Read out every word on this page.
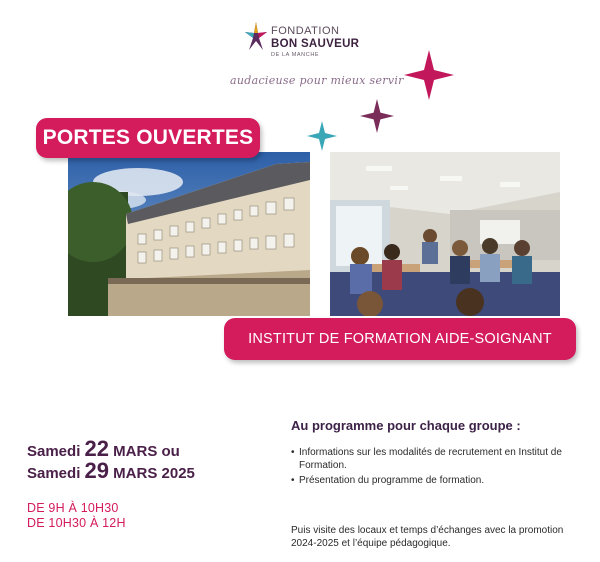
FONDATION
BON SAUVEUR
DE LA MANCHE
audacieuse pour mieux servir
PORTES OUVERTES
INSTITUT DE FORMATION AIDE-SOIGNANT
Samedi 22 MARS ou
Samedi 29 MARS 2025
DE 9H À 10H30
DE 10H30 À 12H
Au programme pour chaque groupe :
• Informations sur les modalités de recrutement en Institut de Formation.
• Présentation du programme de formation.
Puis visite des locaux et temps d’échanges avec la promotion 2024-2025 et l’équipe pédagogique.
